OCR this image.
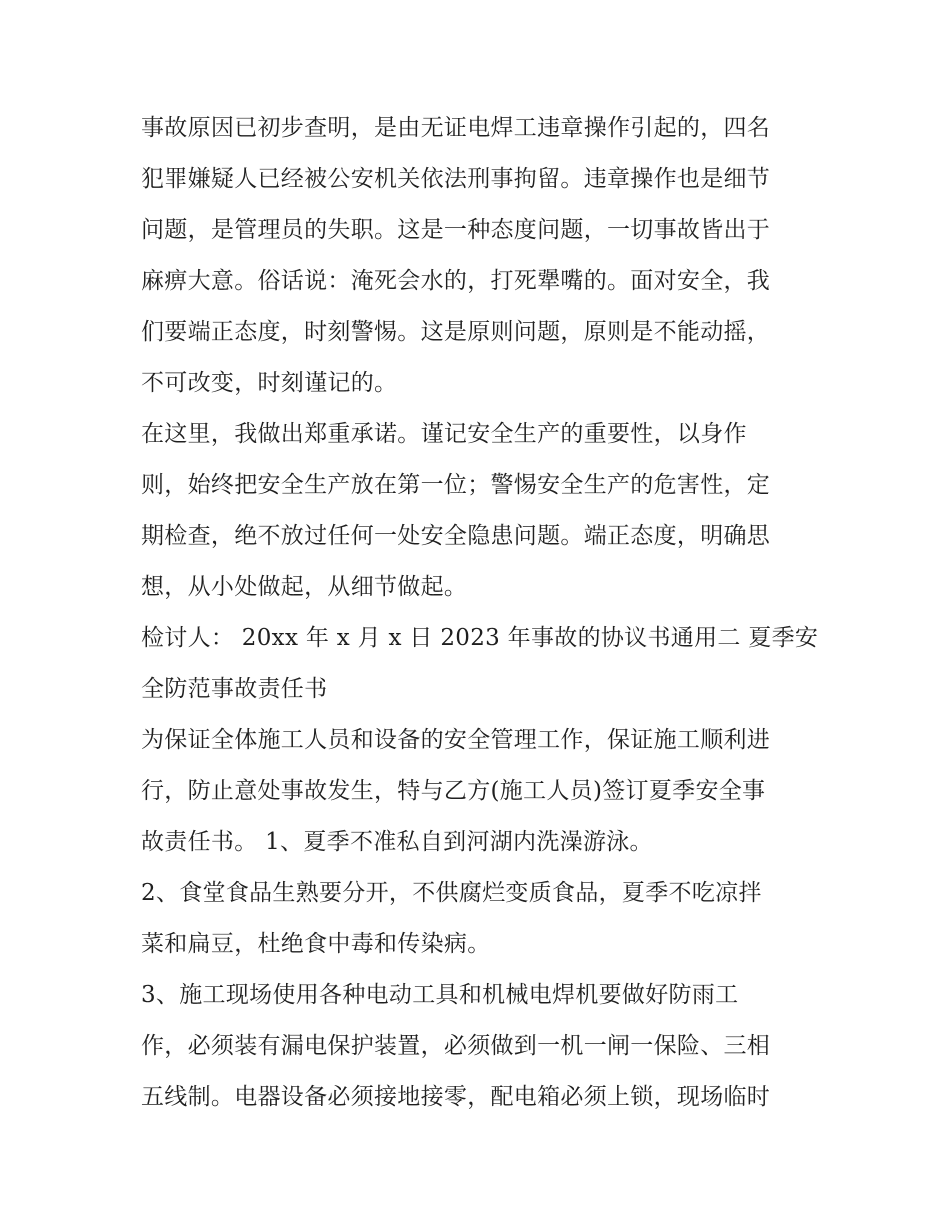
事故原因已初步查明，是由无证电焊工违章操作引起的，四名
犯罪嫌疑人已经被公安机关依法刑事拘留。违章操作也是细节
问题，是管理员的失职。这是一种态度问题，一切事故皆出于
麻痹大意。俗话说：淹死会水的，打死犟嘴的。面对安全，我
们要端正态度，时刻警惕。这是原则问题，原则是不能动摇，
不可改变，时刻谨记的。
在这里，我做出郑重承诺。谨记安全生产的重要性，以身作
则，始终把安全生产放在第一位；警惕安全生产的危害性，定
期检查，绝不放过任何一处安全隐患问题。端正态度，明确思
想，从小处做起，从细节做起。
检讨人： 20xx 年 x 月 x 日 2023 年事故的协议书通用二 夏季安
全防范事故责任书
为保证全体施工人员和设备的安全管理工作，保证施工顺利进
行，防止意处事故发生，特与乙方(施工人员)签订夏季安全事
故责任书。 1、夏季不准私自到河湖内洗澡游泳。
2、食堂食品生熟要分开，不供腐烂变质食品，夏季不吃凉拌
菜和扁豆，杜绝食中毒和传染病。
3、施工现场使用各种电动工具和机械电焊机要做好防雨工
作，必须装有漏电保护装置，必须做到一机一闸一保险、三相
五线制。电器设备必须接地接零，配电箱必须上锁，现场临时
